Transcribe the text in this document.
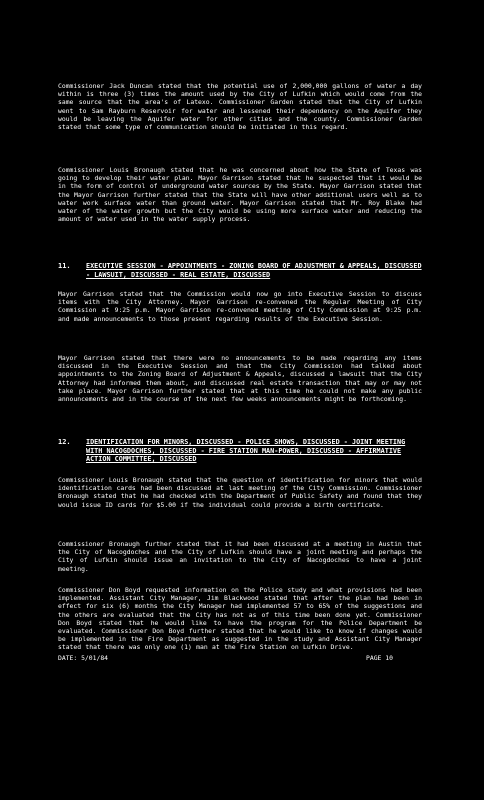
Commissioner Jack Duncan stated that the potential use of 2,000,000 gallons of water a day within is three (3) times the amount used by the City of Lufkin which would come from the same source that the area's of Latexo. Commissioner Garden stated that the City of Lufkin went to Sam Rayburn Reservoir for water and lessened their dependency on the Aquifer they would be leaving the Aquifer water for other cities and the county. Commissioner Garden stated that some type of communication should be initiated in this regard.
Commissioner Louis Bronaugh stated that he was concerned about how the State of Texas was going to develop their water plan. Mayor Garrison stated that he suspected that it would be in the form of control of underground water sources by the State. Mayor Garrison stated that the Mayor Garrison further stated that the State will have other additional users well as to water work surface water than ground water. Mayor Garrison stated that Mr. Roy Blake had water of the water growth but the City would be using more surface water and reducing the amount of water used in the water supply process.
11. EXECUTIVE SESSION - APPOINTMENTS - ZONING BOARD OF ADJUSTMENT & APPEALS, DISCUSSED - LAWSUIT, DISCUSSED - REAL ESTATE, DISCUSSED
Mayor Garrison stated that the Commission would now go into Executive Session to discuss items with the City Attorney. Mayor Garrison re-convened the Regular Meeting of City Commission at 9:25 p.m. Mayor Garrison re-convened meeting of City Commission at 9:25 p.m. and made announcements to those present regarding results of the Executive Session.
Mayor Garrison stated that there were no announcements to be made regarding any items discussed in the Executive Session and that the City Commission had talked about appointments to the Zoning Board of Adjustment & Appeals, discussed a lawsuit that the City Attorney had informed them about, and discussed real estate transaction that may or may not take place. Mayor Garrison further stated that at this time he could not make any public announcements and in the course of the next few weeks announcements might be forthcoming.
12. IDENTIFICATION FOR MINORS, DISCUSSED - POLICE SHOWS, DISCUSSED - JOINT MEETING WITH NACOGDOCHES, DISCUSSED - FIRE STATION MAN-POWER, DISCUSSED - AFFIRMATIVE ACTION COMMITTEE, DISCUSSED
Commissioner Louis Bronaugh stated that the question of identification for minors that would identification cards had been discussed at last meeting of the City Commission. Commissioner Bronaugh stated that he had checked with the Department of Public Safety and found that they would issue ID cards for $5.00 if the individual could provide a birth certificate.
Commissioner Bronaugh further stated that it had been discussed at a meeting in Austin that the City of Nacogdoches and the City of Lufkin should have a joint meeting and perhaps the City of Lufkin should issue an invitation to the City of Nacogdoches to have a joint meeting.
Commissioner Don Boyd requested information on the Police study and what provisions had been implemented. Assistant City Manager, Jim Blackwood stated that after the plan had been in effect for six (6) months the City Manager had implemented 57 to 65% of the suggestions and the others are evaluated that the City has not as of this time been done yet. Commissioner Don Boyd stated that he would like to have the program for the Police Department be evaluated. Commissioner Don Boyd further stated that he would like to know if changes would be implemented in the Fire Department as suggested in the study and Assistant City Manager stated that there was only one (1) man at the Fire Station on Lufkin Drive.
DATE: 5/01/84	PAGE 10
